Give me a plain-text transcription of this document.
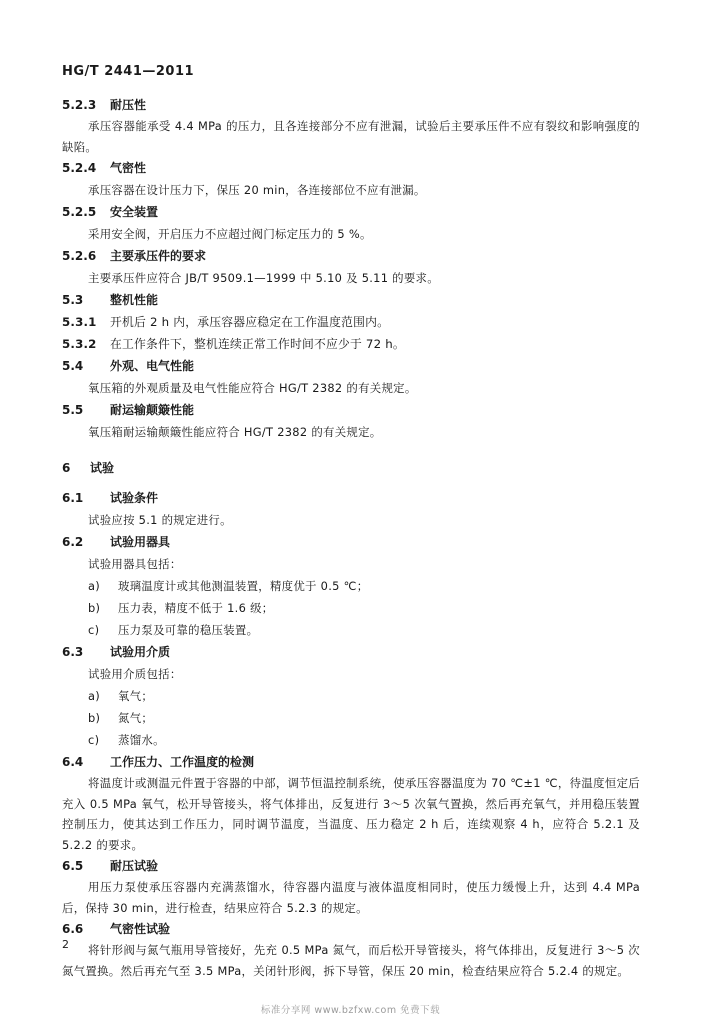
HG/T 2441—2011
5.2.3 耐压性
承压容器能承受 4.4 MPa 的压力，且各连接部分不应有泄漏，试验后主要承压件不应有裂纹和影响强度的缺陷。
5.2.4 气密性
承压容器在设计压力下，保压 20 min，各连接部位不应有泄漏。
5.2.5 安全装置
采用安全阀，开启压力不应超过阀门标定压力的 5 %。
5.2.6 主要承压件的要求
主要承压件应符合 JB/T 9509.1—1999 中 5.10 及 5.11 的要求。
5.3 整机性能
5.3.1 开机后 2 h 内，承压容器应稳定在工作温度范围内。
5.3.2 在工作条件下，整机连续正常工作时间不应少于 72 h。
5.4 外观、电气性能
氧压箱的外观质量及电气性能应符合 HG/T 2382 的有关规定。
5.5 耐运输颠簸性能
氧压箱耐运输颠簸性能应符合 HG/T 2382 的有关规定。
6 试验
6.1 试验条件
试验应按 5.1 的规定进行。
6.2 试验用器具
试验用器具包括：
a) 玻璃温度计或其他测温装置，精度优于 0.5 ℃；
b) 压力表，精度不低于 1.6 级；
c) 压力泵及可靠的稳压装置。
6.3 试验用介质
试验用介质包括：
a) 氧气；
b) 氮气；
c) 蒸馏水。
6.4 工作压力、工作温度的检测
将温度计或测温元件置于容器的中部，调节恒温控制系统，使承压容器温度为 70 ℃±1 ℃，待温度恒定后充入 0.5 MPa 氧气，松开导管接头，将气体排出，反复进行 3～5 次氧气置换，然后再充氧气，并用稳压装置控制压力，使其达到工作压力，同时调节温度，当温度、压力稳定 2 h 后，连续观察 4 h，应符合 5.2.1 及 5.2.2 的要求。
6.5 耐压试验
用压力泵使承压容器内充满蒸馏水，待容器内温度与液体温度相同时，使压力缓慢上升，达到 4.4 MPa 后，保持 30 min，进行检查，结果应符合 5.2.3 的规定。
6.6 气密性试验
将针形阀与氮气瓶用导管接好，先充 0.5 MPa 氮气，而后松开导管接头，将气体排出，反复进行 3～5 次氮气置换。然后再充气至 3.5 MPa，关闭针形阀，拆下导管，保压 20 min，检查结果应符合 5.2.4 的规定。
2
标准分享网 www.bzfxw.com 免费下载
